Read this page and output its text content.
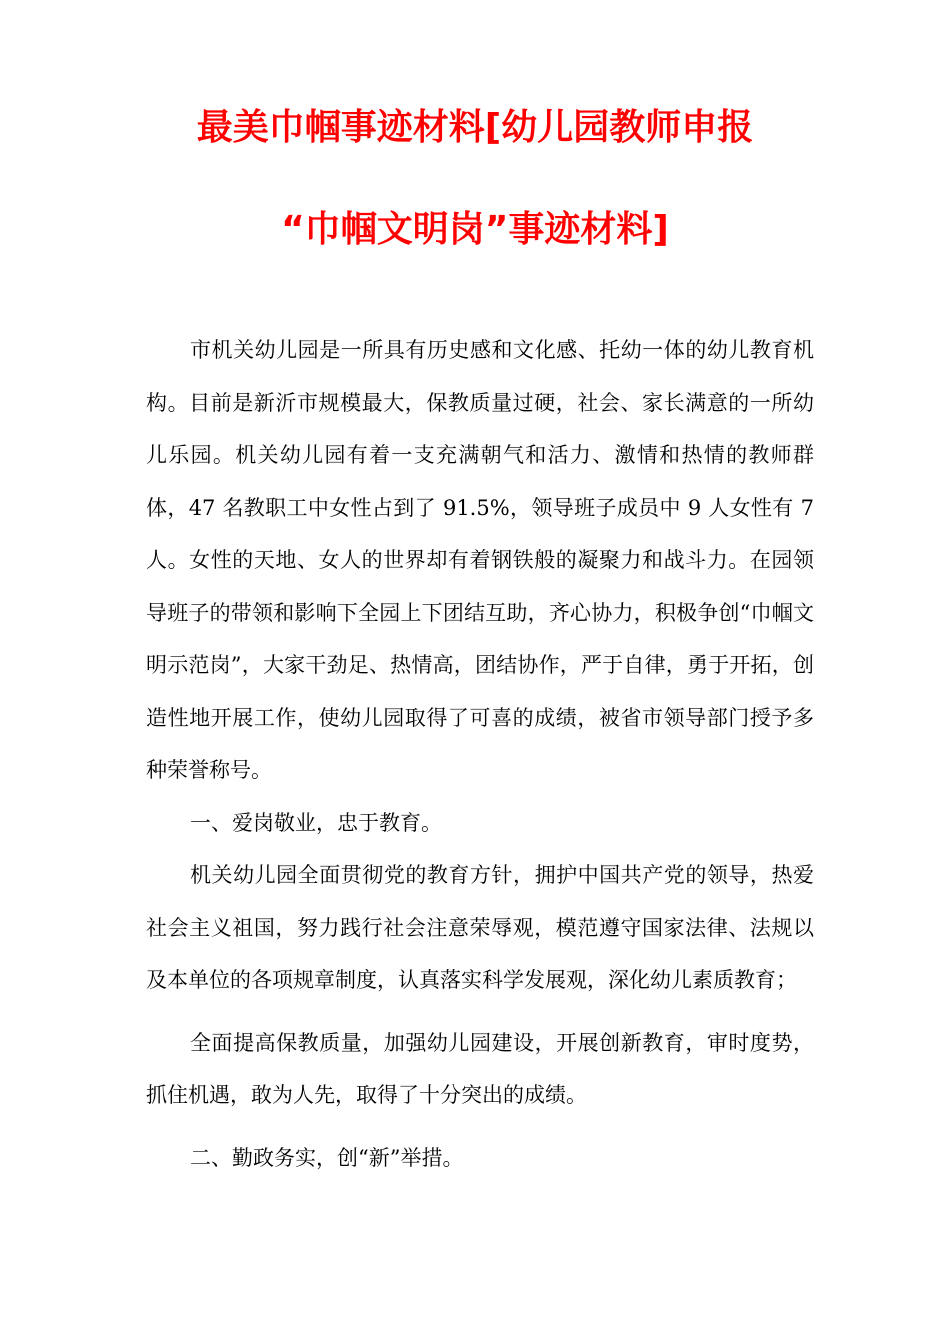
最美巾帼事迹材料[幼儿园教师申报
“巾帼文明岗”事迹材料]

市机关幼儿园是一所具有历史感和文化感、托幼一体的幼儿教育机构。目前是新沂市规模最大，保教质量过硬，社会、家长满意的一所幼儿乐园。机关幼儿园有着一支充满朝气和活力、激情和热情的教师群体，47 名教职工中女性占到了 91.5%，领导班子成员中 9 人女性有 7 人。女性的天地、女人的世界却有着钢铁般的凝聚力和战斗力。在园领导班子的带领和影响下全园上下团结互助，齐心协力，积极争创“巾帼文明示范岗”，大家干劲足、热情高，团结协作，严于自律，勇于开拓，创造性地开展工作，使幼儿园取得了可喜的成绩，被省市领导部门授予多种荣誉称号。

一、爱岗敬业，忠于教育。

机关幼儿园全面贯彻党的教育方针，拥护中国共产党的领导，热爱社会主义祖国，努力践行社会注意荣辱观，模范遵守国家法律、法规以及本单位的各项规章制度，认真落实科学发展观，深化幼儿素质教育；

全面提高保教质量，加强幼儿园建设，开展创新教育，审时度势，抓住机遇，敢为人先，取得了十分突出的成绩。

二、勤政务实，创“新”举措。
